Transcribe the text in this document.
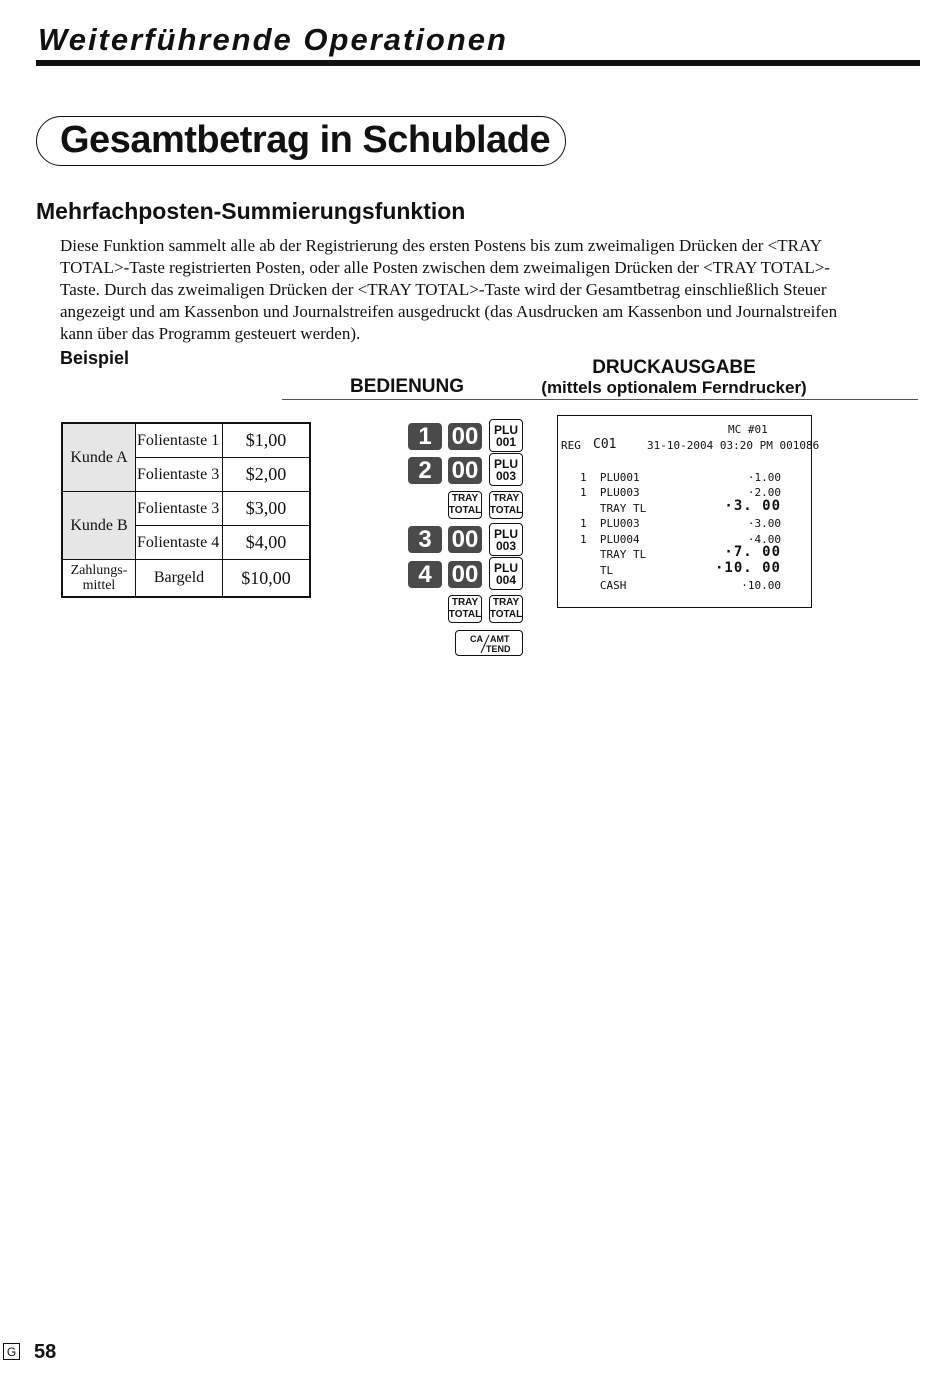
Weiterführende Operationen
Gesamtbetrag in Schublade
Mehrfachposten-Summierungsfunktion
Diese Funktion sammelt alle ab der Registrierung des ersten Postens bis zum zweimaligen Drücken der <TRAY
TOTAL>-Taste registrierten Posten, oder alle Posten zwischen dem zweimaligen Drücken der <TRAY TOTAL>-
Taste. Durch das zweimaligen Drücken der <TRAY TOTAL>-Taste wird der Gesamtbetrag einschließlich Steuer
angezeigt und am Kassenbon und Journalstreifen ausgedruckt (das Ausdrucken am Kassenbon und Journalstreifen
kann über das Programm gesteuert werden).
Beispiel
BEDIENUNG
DRUCKAUSGABE
(mittels optionalem Ferndrucker)
Kunde A	Folientaste 1	$1,00
	Folientaste 3	$2,00
Kunde B	Folientaste 3	$3,00
	Folientaste 4	$4,00

Zahlungs-
mittel	Bargeld	$10,00
1 00	PLU
001
2 00	PLU
003
TRAY
TOTAL
TRAY
TOTAL
3 00	PLU
003
4 00	PLU
004
TRAY
TOTAL
TRAY
TOTAL
CA AMT
TEND
MC #01
REG C01	31-10-2004 03:20 PM 001086
1  PLU001	·1.00
1  PLU003	·2.00
TRAY TL	·3. 00
1  PLU003	·3.00
1  PLU004	·4.00
TRAY TL	·7. 00
TL	·10. 00
CASH	·10.00
G 58
